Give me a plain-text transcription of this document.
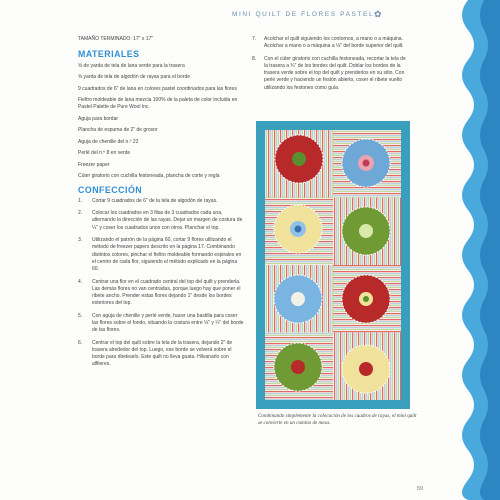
MINI QUILT DE FLORES PASTEL ✿

TAMAÑO TERMINADO: 17" x 17"

MATERIALES

⅝ de yarda de tela de lana verde para la trasera

⅝ yarda de tela de algodón de rayas para el borde

9 cuadrados de 6" de lana en colores pastel coordinados para las flores

Fieltro moldeable de lana mezcla 100% de la paleta de color incluida en Pastel Palette de Pure Wool Inc.

Aguja para bordar

Plancha de espuma de 2" de grosor

Aguja de chenille del n.º 22

Perlé del n.º 8 en verde

Freezer paper

Cúter giratorio con cuchilla festoneada, plancha de corte y regla

CONFECCIÓN
1. Cortar 9 cuadrados de 6" de la tela de algodón de rayas.
2. Colocar los cuadrados en 3 filas de 3 cuadrados cada una, alternando la dirección de las rayas. Dejar un margen de costura de ¼" y coser los cuadrados unos con otros. Planchar el top.
3. Utilizando el patrón de la página 60, cortar 9 flores utilizando el método de freezer papers descrito en la página 17. Combinando distintos colores, pinchar el fieltro moldeable formando espirales en el centro de cada flor, siguiendo el método explicado en la página 60.
4. Centrar una flor en el cuadrado central del top del quilt y prenderla. Las demás flores no van centradas, porque luego hay que poner el ribete ancho. Prender estas flores dejando 1" desde los bordes exteriores del top.
5. Con aguja de chenille y perlé verde, hacer una bastilla para coser las flores sobre el fondo, situando la costura entre ⅛" y ¼" del borde de las flores.
6. Centrar el top del quilt sobre la tela de la trasera, dejando 2" de trasera alrededor del top. Luego, ese borde se volverá sobre el borde para ribetearlo. Este quilt no lleva guata. Hilvanarlo con alfileres.
7. Acolchar el quilt siguiendo los contornos, a mano o a máquina. Acolchar a mano o a máquina a ⅛" del borde superior del quilt.
8. Con el cúter giratorio con cuchilla festoneada, recortar la tela de la trasera a ¾" de los bordes del quilt. Doblar los bordes de la trasera verde sobre el top del quilt y prenderlos en su sitio. Con perlé verde y haciendo un festón abierto, coser el ribete vuelto utilizando los festones como guía.
Combinando simplemente la colocación de los cuadros de rayas, el mini quilt se convierte en un camino de mesa.
59
